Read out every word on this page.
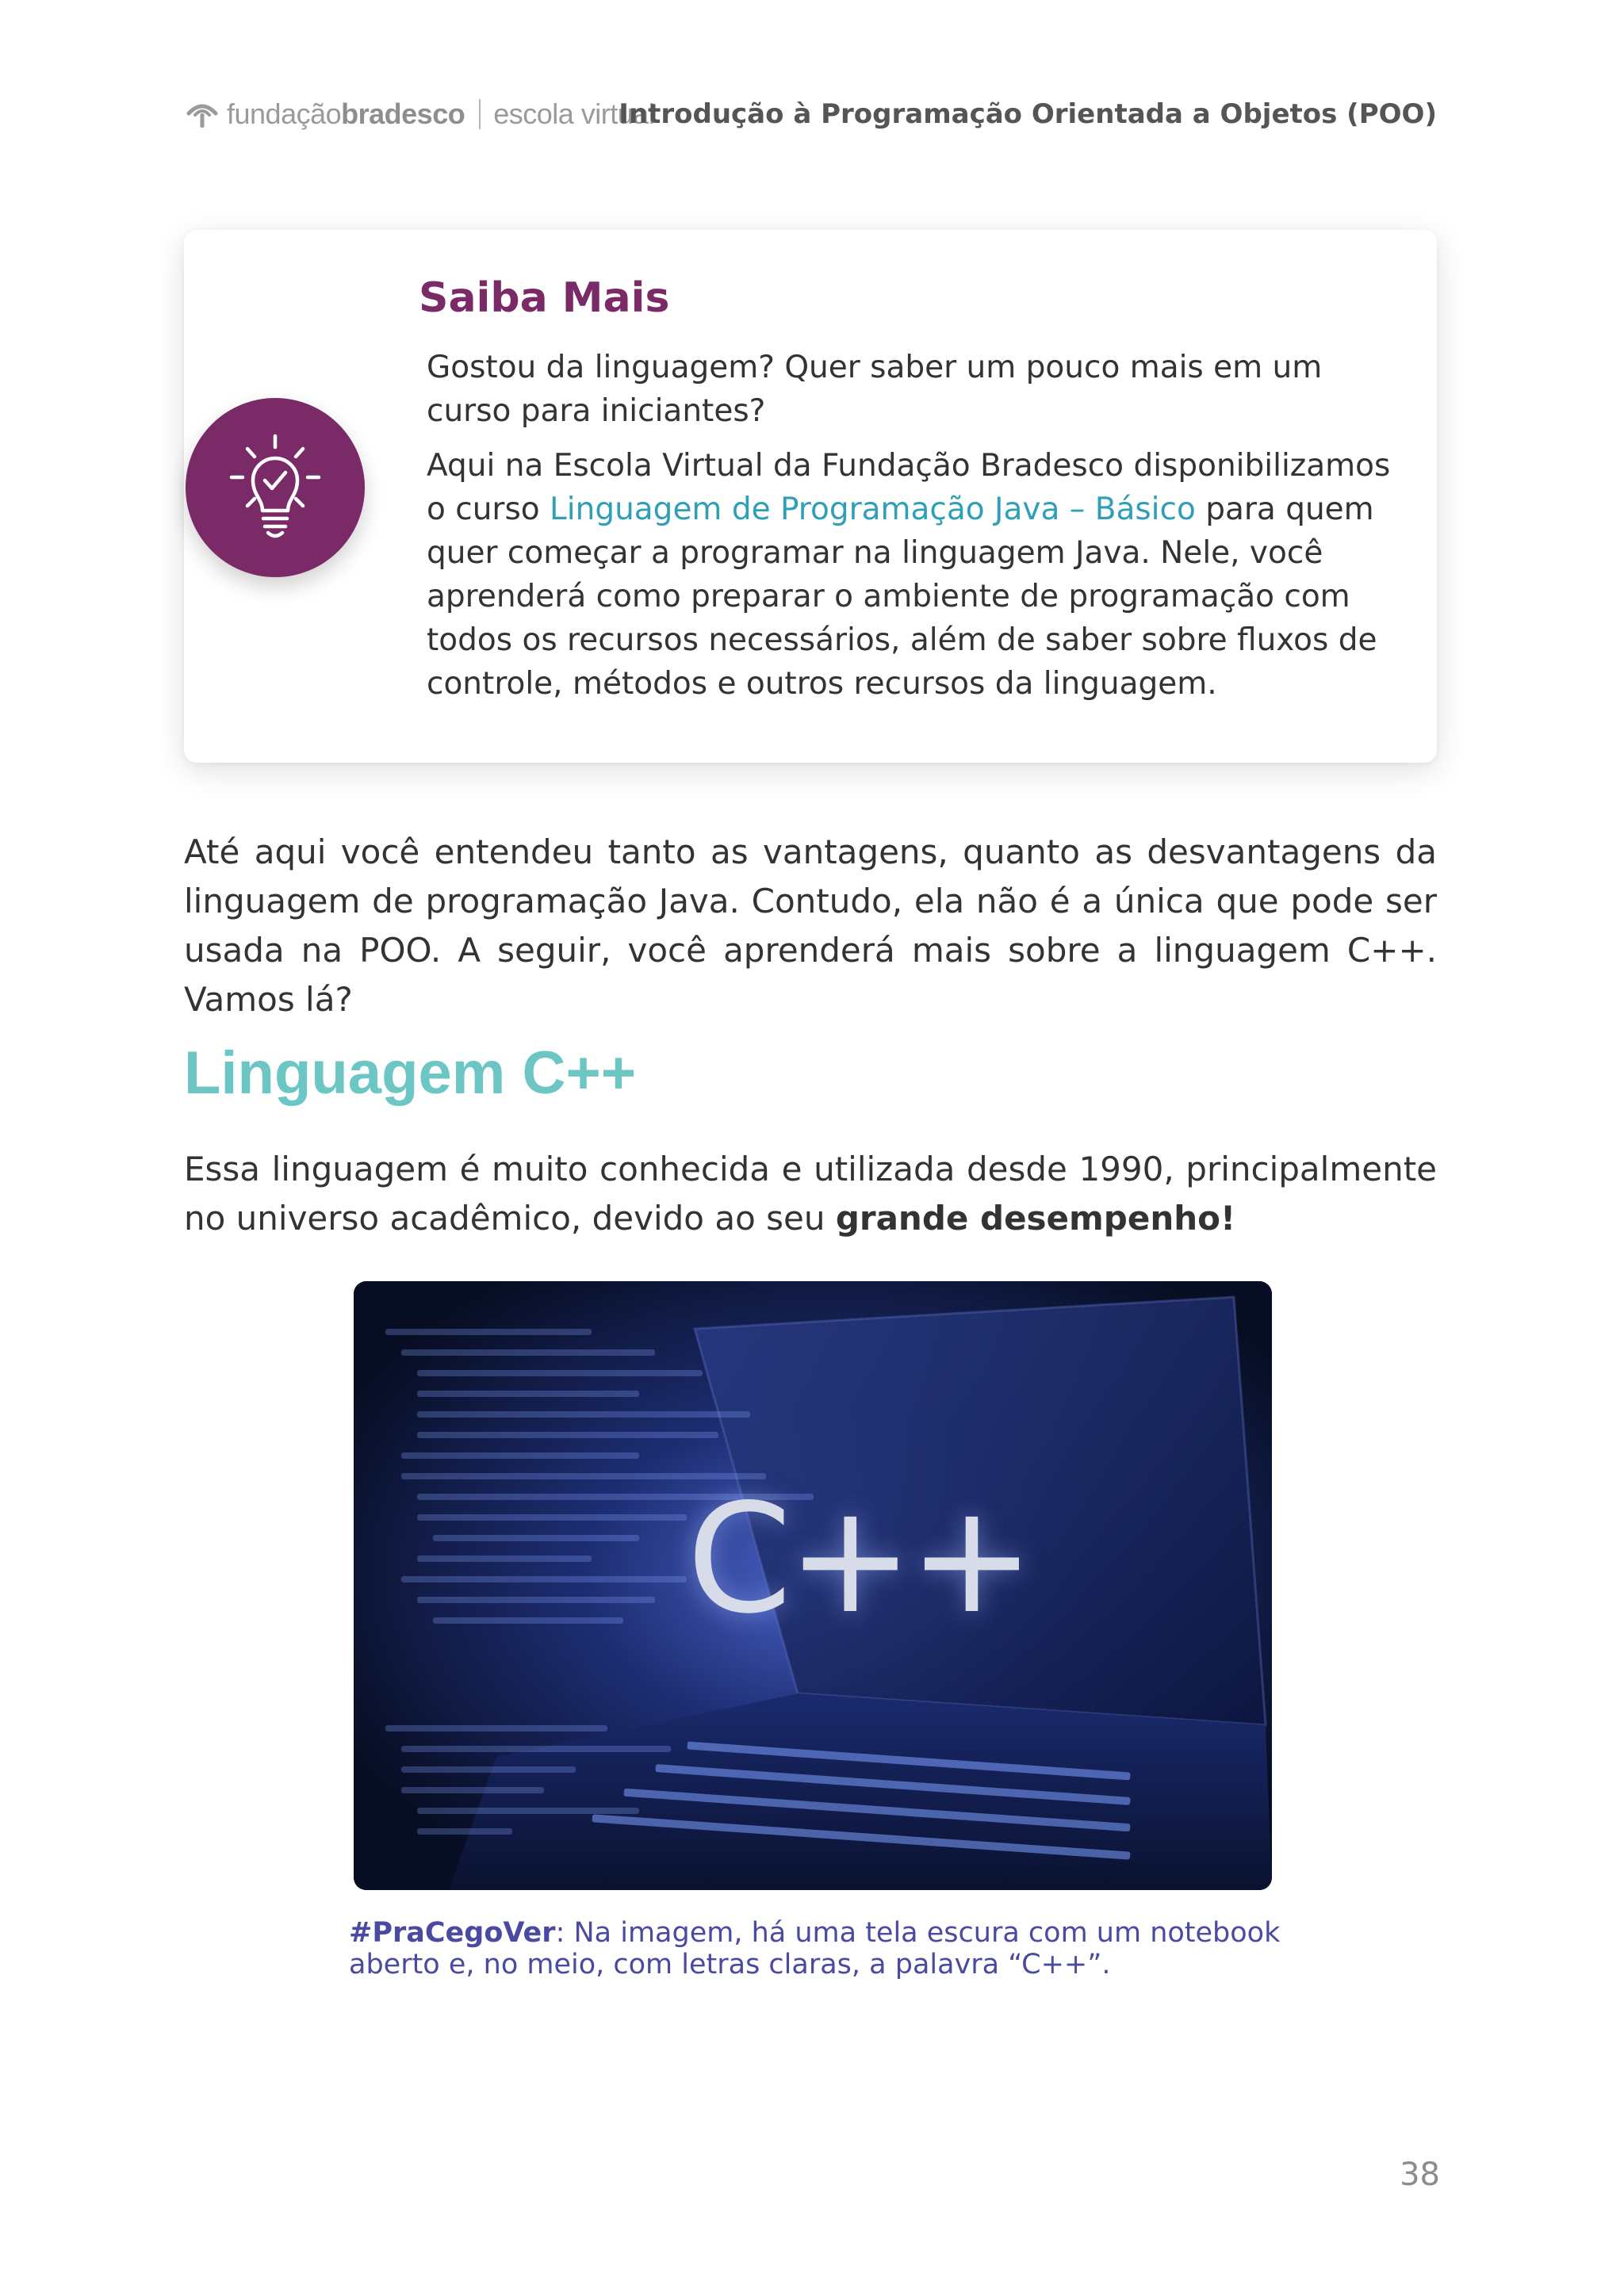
fundaçãobradesco escola virtual
Introdução à Programação Orientada a Objetos (POO)
Saiba Mais

Gostou da linguagem? Quer saber um pouco mais em um curso para iniciantes?

Aqui na Escola Virtual da Fundação Bradesco disponibilizamos o curso Linguagem de Programação Java – Básico para quem quer começar a programar na linguagem Java. Nele, você aprenderá como preparar o ambiente de programação com todos os recursos necessários, além de saber sobre fluxos de controle, métodos e outros recursos da linguagem.

Até aqui você entendeu tanto as vantagens, quanto as desvantagens da linguagem de programação Java. Contudo, ela não é a única que pode ser usada na POO. A seguir, você aprenderá mais sobre a linguagem C++. Vamos lá?

Linguagem C++

Essa linguagem é muito conhecida e utilizada desde 1990, principalmente no universo acadêmico, devido ao seu grande desempenho!

C++

#PraCegoVer: Na imagem, há uma tela escura com um notebook aberto e, no meio, com letras claras, a palavra “C++”.

38
